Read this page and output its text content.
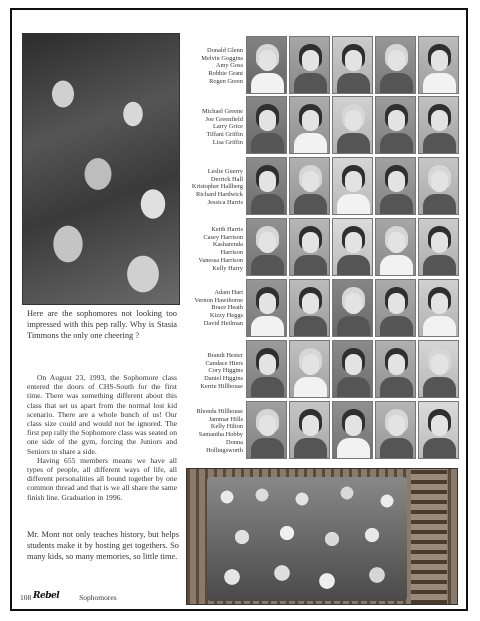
Here are the sophomores not looking too impressed with this pep rally. Why is Stasia Timmons the only one cheering ?

On August 23, 1993, the Sophomore class entered the doors of CHS-South for the first time. There was something different about this class that set us apart from the normal lost kid scenario. There are a whole bunch of us! Our class size could and would not be ignored. The first pep rally the Sophomore class was seated on one side of the gym, forcing the Juniors and Seniors to share a side.

Having 655 members means we have all types of people, all different ways of life, all different personalities all bound together by one common thread and that is we all share the same finish line. Graduation in 1996.

Mr. Mont not only teaches history, but helps students make it by hosting get togethers. So many kids, so many memories, so little time.
Donald Glenn
Melvin Goggins
Amy Goss
Robbie Grant
Rogen Green
Michael Greene
Joe Greenfield
Larry Grice
Tiffani Griffin
Lisa Griffin
Leslie Guerry
Derrick Hall
Kristopher Hallberg
Richard Hardwick
Jessica Harris
Keith Harris
Casey Harrison
Kasharenda
Harrison
Vanessa Harrison
Kelly Harry
Adam Hart
Vernon Hawthorne
Brace Heath
Kizzy Heggs
David Heilman
Brandi Hester
Candace Hiers
Cory Higgins
Daniel Higgins
Kerrie Hillhouse
Rhonda Hillhouse
Jammar Hills
Kelly Hilton
Samantha Hobby
Donna
Hollingsworth
108	Sophomores
Rebel
